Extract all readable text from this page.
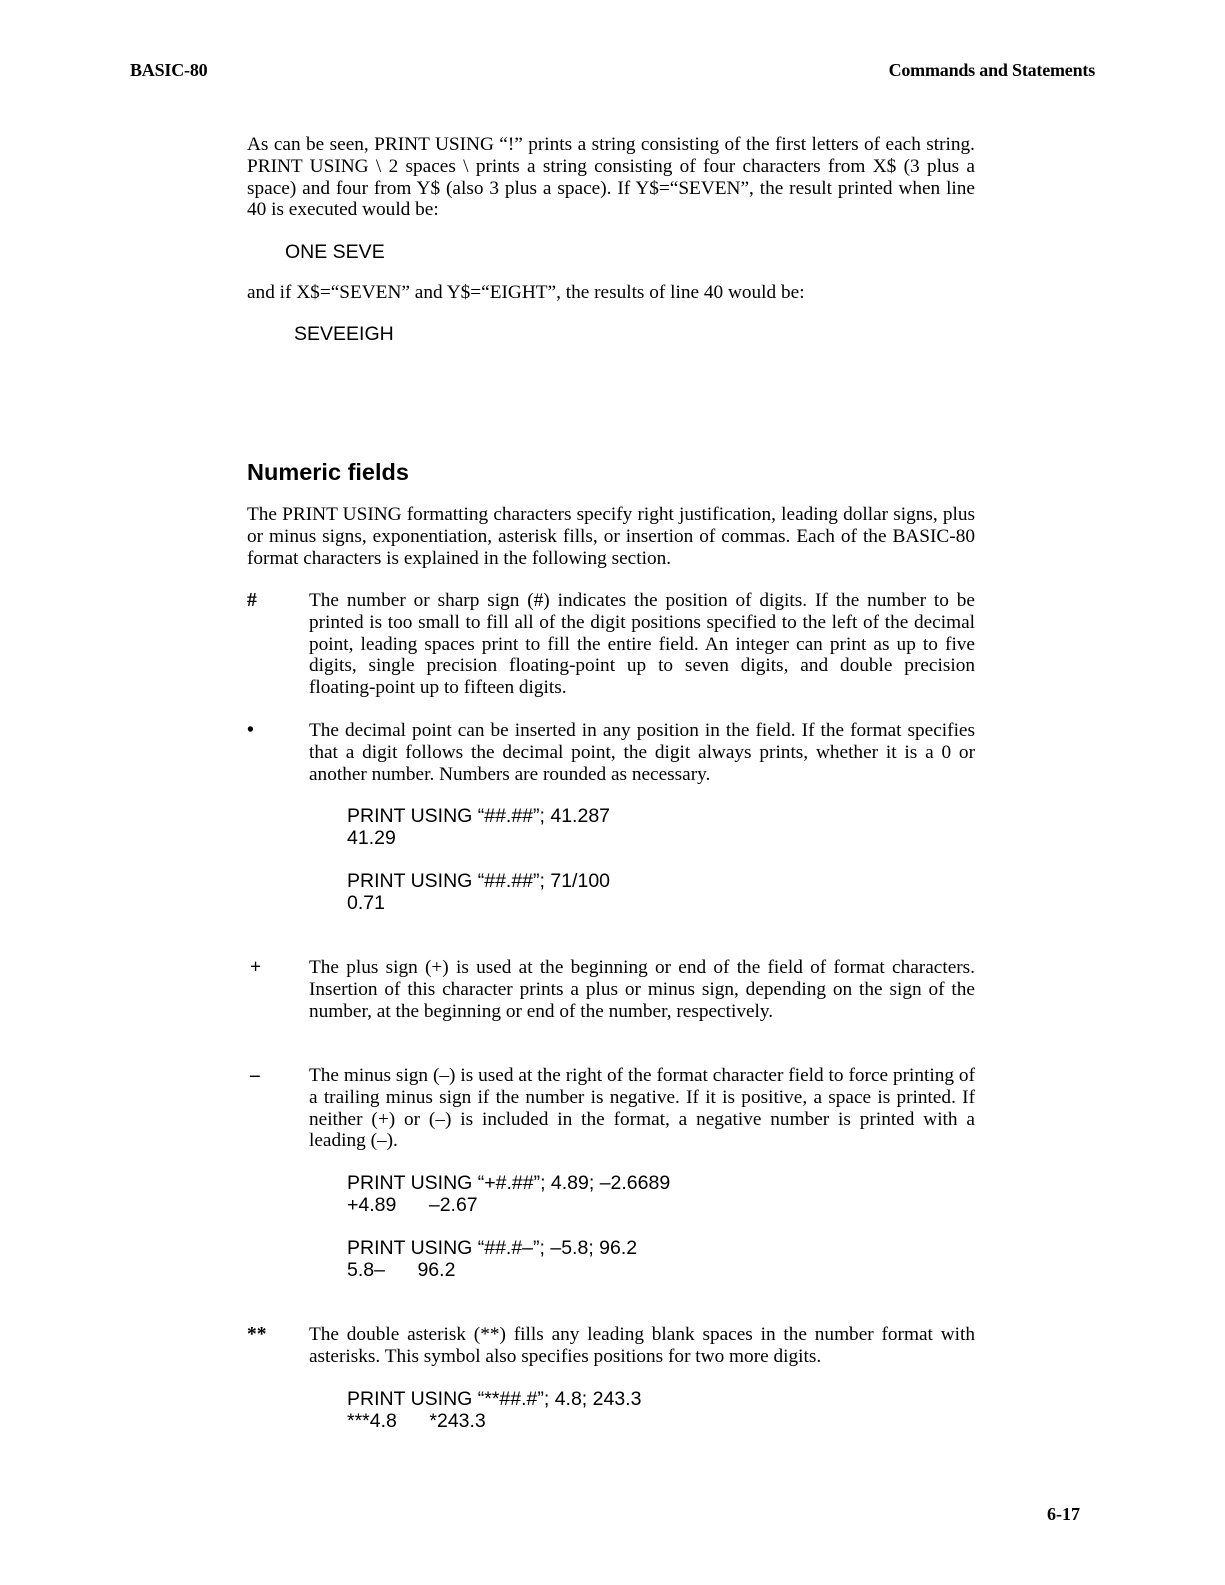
BASIC-80	Commands and Statements
As can be seen, PRINT USING “!” prints a string consisting of the first letters of each string. PRINT USING \ 2 spaces \ prints a string consisting of four characters from X$ (3 plus a space) and four from Y$ (also 3 plus a space). If Y$=“SEVEN”, the result printed when line 40 is executed would be:
ONE SEVE
and if X$=“SEVEN” and Y$=“EIGHT”, the results of line 40 would be:
SEVEEIGH
Numeric fields
The PRINT USING formatting characters specify right justification, leading dollar signs, plus or minus signs, exponentiation, asterisk fills, or insertion of commas. Each of the BASIC-80 format characters is explained in the following section.
#	The number or sharp sign (#) indicates the position of digits. If the number to be printed is too small to fill all of the digit positions specified to the left of the decimal point, leading spaces print to fill the entire field. An integer can print as up to five digits, single precision floating-point up to seven digits, and double precision floating-point up to fifteen digits.
•	The decimal point can be inserted in any position in the field. If the format specifies that a digit follows the decimal point, the digit always prints, whether it is a 0 or another number. Numbers are rounded as necessary.
PRINT USING “##.##”; 41.287
41.29
PRINT USING “##.##”; 71/100
0.71
+ The plus sign (+) is used at the beginning or end of the field of format characters. Insertion of this character prints a plus or minus sign, depending on the sign of the number, at the beginning or end of the number, respectively.
–	The minus sign (–) is used at the right of the format character field to force printing of a trailing minus sign if the number is negative. If it is positive, a space is printed. If neither (+) or (–) is included in the format, a negative number is printed with a leading (–).
PRINT USING “+#.##”; 4.89; –2.6689
+4.89      –2.67
PRINT USING “##.#–”; –5.8; 96.2
5.8–      96.2
** The double asterisk (**) fills any leading blank spaces in the number format with asterisks. This symbol also specifies positions for two more digits.
PRINT USING “**##.#”; 4.8; 243.3
***4.8      *243.3
6-17
